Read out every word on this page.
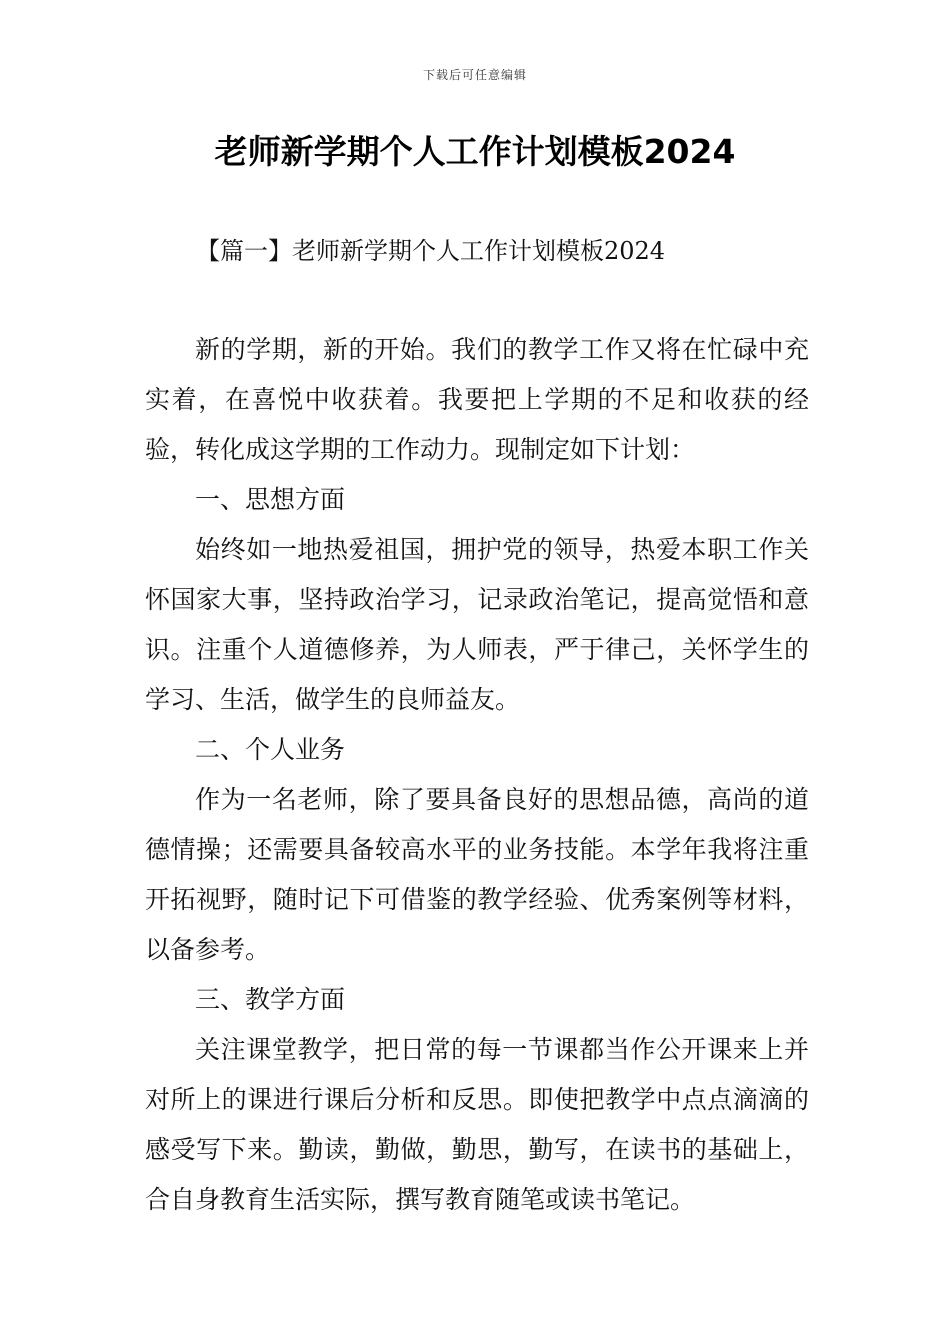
下载后可任意编辑
老师新学期个人工作计划模板2024
【篇一】老师新学期个人工作计划模板2024

新的学期，新的开始。我们的教学工作又将在忙碌中充实着，在喜悦中收获着。我要把上学期的不足和收获的经验，转化成这学期的工作动力。现制定如下计划：

一、思想方面

始终如一地热爱祖国，拥护党的领导，热爱本职工作关怀国家大事，坚持政治学习，记录政治笔记，提高觉悟和意识。注重个人道德修养，为人师表，严于律己，关怀学生的学习、生活，做学生的良师益友。

二、个人业务

作为一名老师，除了要具备良好的思想品德，高尚的道德情操；还需要具备较高水平的业务技能。本学年我将注重开拓视野，随时记下可借鉴的教学经验、优秀案例等材料，以备参考。

三、教学方面

关注课堂教学，把日常的每一节课都当作公开课来上并对所上的课进行课后分析和反思。即使把教学中点点滴滴的感受写下来。勤读，勤做，勤思，勤写，在读书的基础上，合自身教育生活实际，撰写教育随笔或读书笔记。
